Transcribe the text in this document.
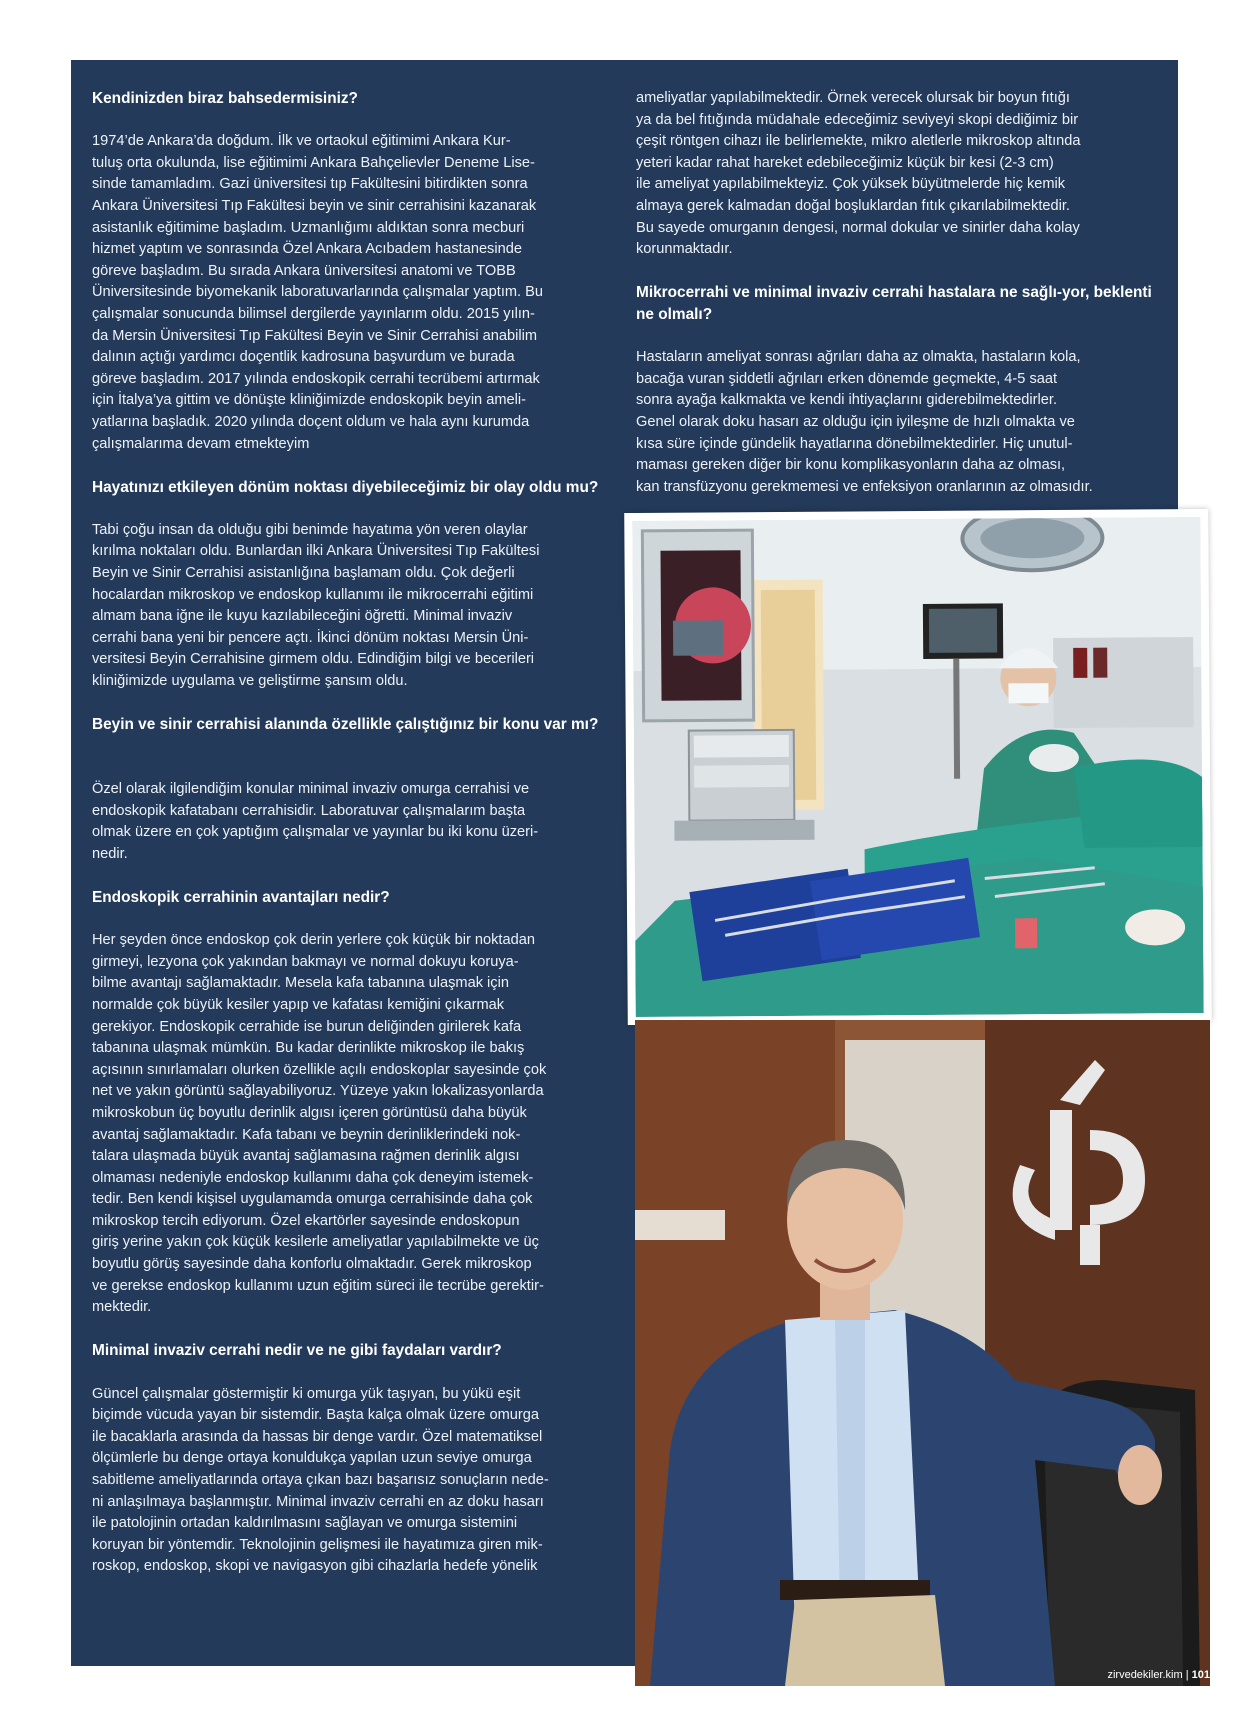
Kendinizden biraz bahsedermisiniz?
1974’de Ankara’da doğdum. İlk ve ortaokul eğitimimi Ankara Kur-
tuluş orta okulunda, lise eğitimimi Ankara Bahçelievler Deneme Lise-
sinde tamamladım. Gazi üniversitesi tıp Fakültesini bitirdikten sonra
Ankara Üniversitesi Tıp Fakültesi beyin ve sinir cerrahisini kazanarak
asistanlık eğitimime başladım. Uzmanlığımı aldıktan sonra mecburi
hizmet yaptım ve sonrasında Özel Ankara Acıbadem hastanesinde
göreve başladım. Bu sırada Ankara üniversitesi anatomi ve TOBB
Üniversitesinde biyomekanik laboratuvarlarında çalışmalar yaptım. Bu
çalışmalar sonucunda bilimsel dergilerde yayınlarım oldu. 2015 yılın-
da Mersin Üniversitesi Tıp Fakültesi Beyin ve Sinir Cerrahisi anabilim
dalının açtığı yardımcı doçentlik kadrosuna başvurdum ve burada
göreve başladım. 2017 yılında endoskopik cerrahi tecrübemi artırmak
için İtalya’ya gittim ve dönüşte kliniğimizde endoskopik beyin ameli-
yatlarına başladık. 2020 yılında doçent oldum ve hala aynı kurumda
çalışmalarıma devam etmekteyim
Hayatınızı etkileyen dönüm noktası diyebileceğimiz bir olay oldu mu?
Tabi çoğu insan da olduğu gibi benimde hayatıma yön veren olaylar
kırılma noktaları oldu. Bunlardan ilki Ankara Üniversitesi Tıp Fakültesi
Beyin ve Sinir Cerrahisi asistanlığına başlamam oldu. Çok değerli
hocalardan mikroskop ve endoskop kullanımı ile mikrocerrahi eğitimi
almam bana iğne ile kuyu kazılabileceğini öğretti. Minimal invaziv
cerrahi bana yeni bir pencere açtı. İkinci dönüm noktası Mersin Üni-
versitesi Beyin Cerrahisine girmem oldu. Edindiğim bilgi ve becerileri
kliniğimizde uygulama ve geliştirme şansım oldu.
Beyin ve sinir cerrahisi alanında özellikle çalıştığınız bir konu var mı?
Özel olarak ilgilendiğim konular minimal invaziv omurga cerrahisi ve
endoskopik kafatabanı cerrahisidir. Laboratuvar çalışmalarım başta
olmak üzere en çok yaptığım çalışmalar ve yayınlar bu iki konu üzeri-
nedir.
Endoskopik cerrahinin avantajları nedir?
Her şeyden önce endoskop çok derin yerlere çok küçük bir noktadan
girmeyi, lezyona çok yakından bakmayı ve normal dokuyu koruya-
bilme avantajı sağlamaktadır. Mesela kafa tabanına ulaşmak için
normalde çok büyük kesiler yapıp ve kafatası kemiğini çıkarmak
gerekiyor. Endoskopik cerrahide ise burun deliğinden girilerek kafa
tabanına ulaşmak mümkün. Bu kadar derinlikte mikroskop ile bakış
açısının sınırlamaları olurken özellikle açılı endoskoplar sayesinde çok
net ve yakın görüntü sağlayabiliyoruz. Yüzeye yakın lokalizasyonlarda
mikroskobun üç boyutlu derinlik algısı içeren görüntüsü daha büyük
avantaj sağlamaktadır. Kafa tabanı ve beynin derinliklerindeki nok-
talara ulaşmada büyük avantaj sağlamasına rağmen derinlik algısı
olmaması nedeniyle endoskop kullanımı daha çok deneyim istemek-
tedir. Ben kendi kişisel uygulamamda omurga cerrahisinde daha çok
mikroskop tercih ediyorum. Özel ekartörler sayesinde endoskopun
giriş yerine yakın çok küçük kesilerle ameliyatlar yapılabilmekte ve üç
boyutlu görüş sayesinde daha konforlu olmaktadır. Gerek mikroskop
ve gerekse endoskop kullanımı uzun eğitim süreci ile tecrübe gerektir-
mektedir.
Minimal invaziv cerrahi nedir ve ne gibi faydaları vardır?
Güncel çalışmalar göstermiştir ki omurga yük taşıyan, bu yükü eşit
biçimde vücuda yayan bir sistemdir. Başta kalça olmak üzere omurga
ile bacaklarla arasında da hassas bir denge vardır. Özel matematiksel
ölçümlerle bu denge ortaya konuldukça yapılan uzun seviye omurga
sabitleme ameliyatlarında ortaya çıkan bazı başarısız sonuçların nede-
ni anlaşılmaya başlanmıştır. Minimal invaziv cerrahi en az doku hasarı
ile patolojinin ortadan kaldırılmasını sağlayan ve omurga sistemini
koruyan bir yöntemdir. Teknolojinin gelişmesi ile hayatımıza giren mik-
roskop, endoskop, skopi ve navigasyon gibi cihazlarla hedefe yönelik
ameliyatlar yapılabilmektedir. Örnek verecek olursak bir boyun fıtığı
ya da bel fıtığında müdahale edeceğimiz seviyeyi skopi dediğimiz bir
çeşit röntgen cihazı ile belirlemekte, mikro aletlerle mikroskop altında
yeteri kadar rahat hareket edebileceğimiz küçük bir kesi (2-3 cm)
ile ameliyat yapılabilmekteyiz. Çok yüksek büyütmelerde hiç kemik
almaya gerek kalmadan doğal boşluklardan fıtık çıkarılabilmektedir.
Bu sayede omurganın dengesi, normal dokular ve sinirler daha kolay
korunmaktadır.
Mikrocerrahi ve minimal invaziv cerrahi hastalara ne sağlı-yor, beklenti ne olmalı?
Hastaların ameliyat sonrası ağrıları daha az olmakta, hastaların kola,
bacağa vuran şiddetli ağrıları erken dönemde geçmekte, 4-5 saat
sonra ayağa kalkmakta ve kendi ihtiyaçlarını giderebilmektedirler.
Genel olarak doku hasarı az olduğu için iyileşme de hızlı olmakta ve
kısa süre içinde gündelik hayatlarına dönebilmektedirler. Hiç unutul-
maması gereken diğer bir konu komplikasyonların daha az olması,
kan transfüzyonu gerekmemesi ve enfeksiyon oranlarının az olmasıdır.
zirvedekiler.kim | 101
